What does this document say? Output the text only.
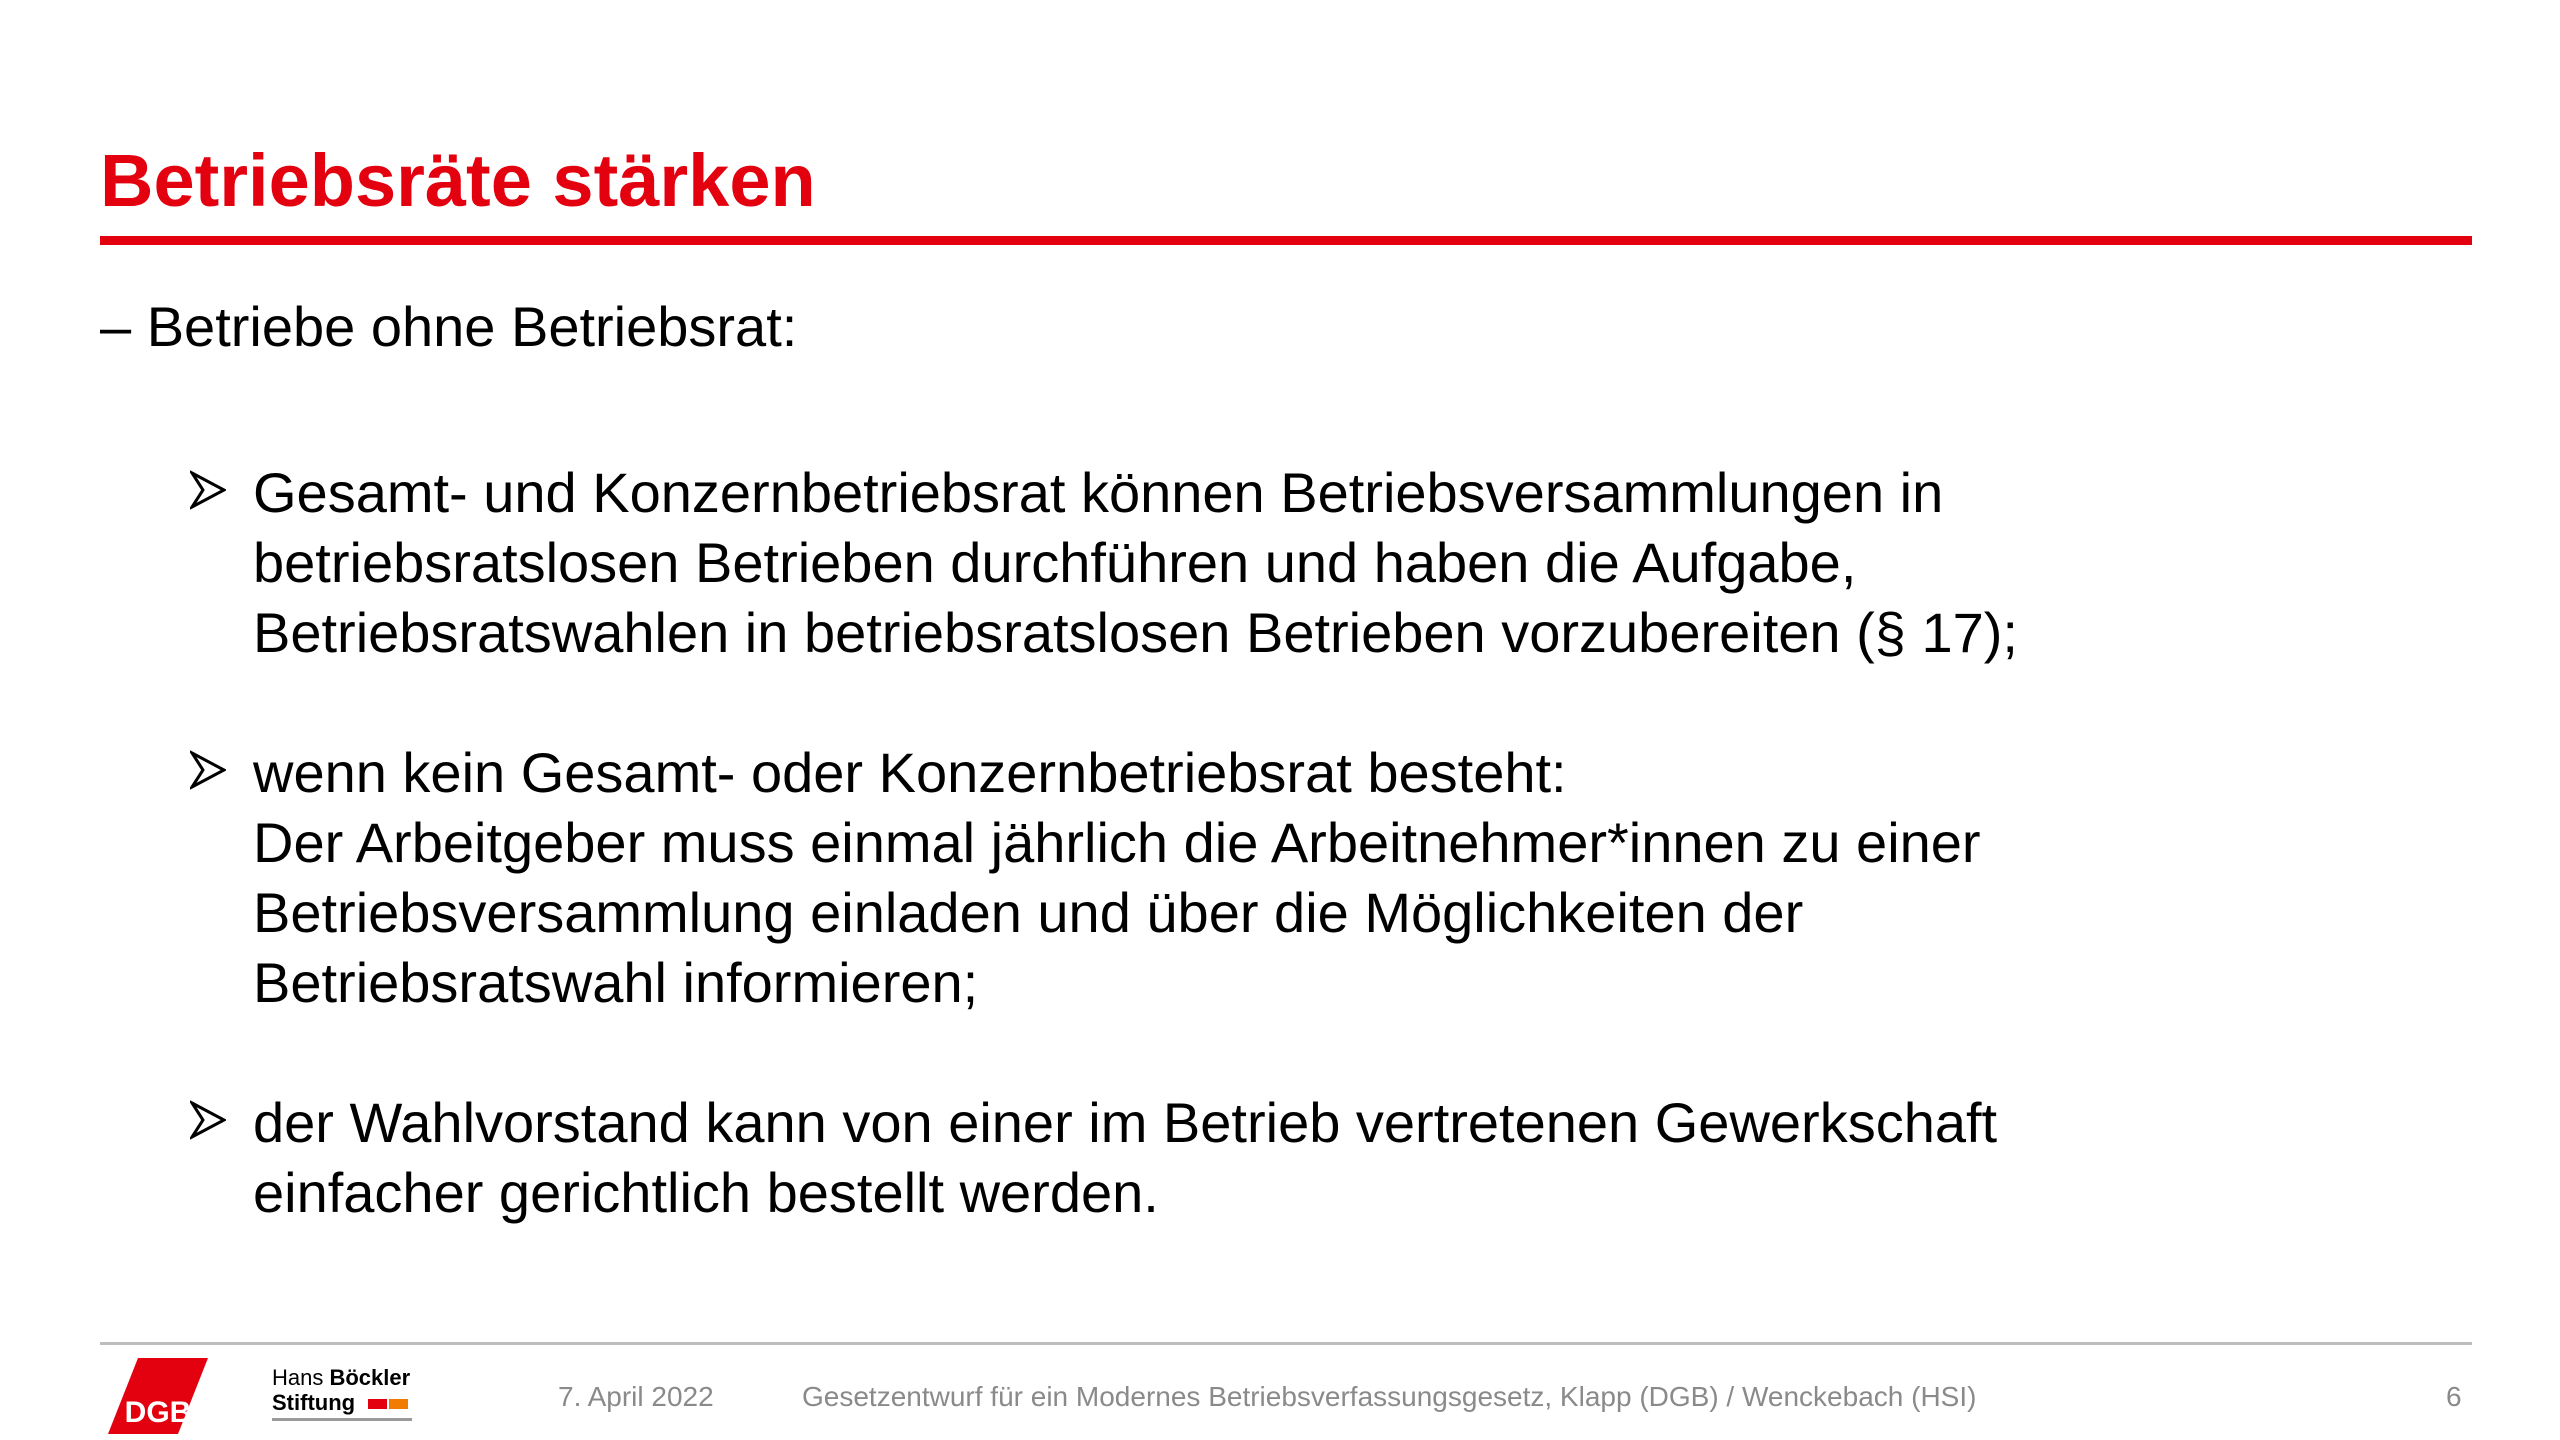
Betriebsräte stärken
– Betriebe ohne Betriebsrat:
Gesamt- und Konzernbetriebsrat können Betriebsversammlungen in
betriebsratslosen Betrieben durchführen und haben die Aufgabe,
Betriebsratswahlen in betriebsratslosen Betrieben vorzubereiten (§ 17);
wenn kein Gesamt- oder Konzernbetriebsrat besteht:
Der Arbeitgeber muss einmal jährlich die Arbeitnehmer*innen zu einer
Betriebsversammlung einladen und über die Möglichkeiten der
Betriebsratswahl informieren;
der Wahlvorstand kann von einer im Betrieb vertretenen Gewerkschaft
einfacher gerichtlich bestellt werden.
DGB
Hans Böckler
Stiftung	7. April 2022	Gesetzentwurf für ein Modernes Betriebsverfassungsgesetz, Klapp (DGB) / Wenckebach (HSI)	6
